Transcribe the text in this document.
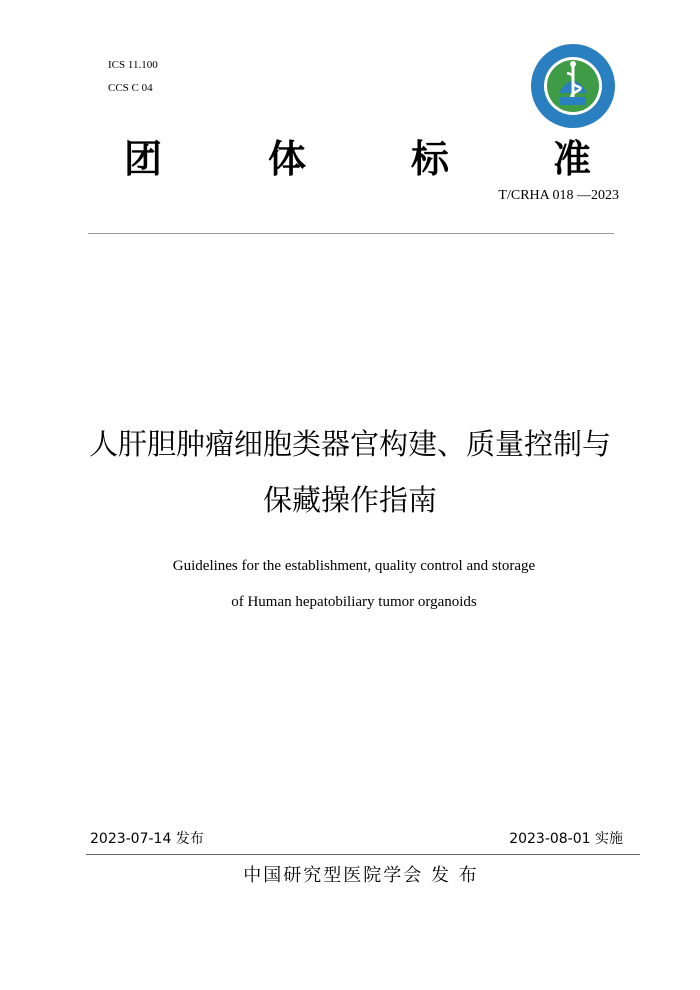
ICS 11.100
CCS C 04
团	体	标	准
T/CRHA 018 —2023
人肝胆肿瘤细胞类器官构建、质量控制与
保藏操作指南
Guidelines for the establishment, quality control and storage
of Human hepatobiliary tumor organoids
2023-07-14 发布	2023-08-01 实施
中国研究型医院学会 发 布
